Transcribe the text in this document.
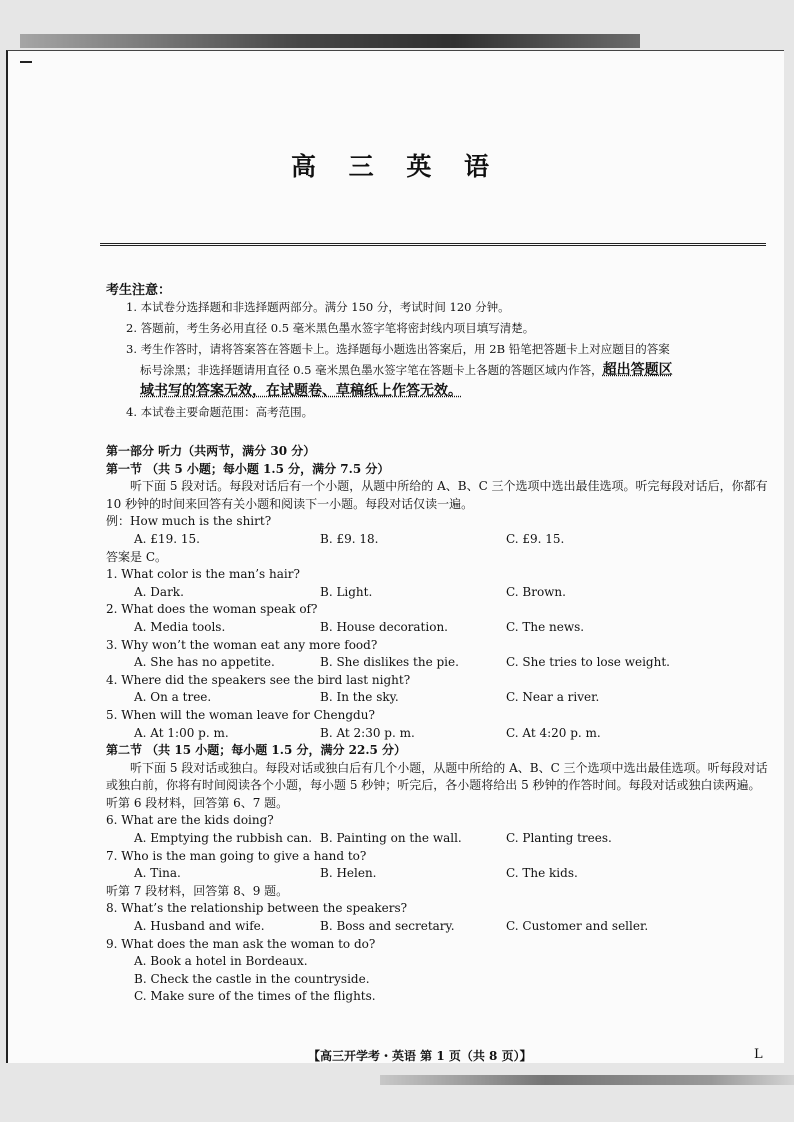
高 三 英 语
考生注意：
1. 本试卷分选择题和非选择题两部分。满分 150 分，考试时间 120 分钟。
2. 答题前，考生务必用直径 0.5 毫米黑色墨水签字笔将密封线内项目填写清楚。
3. 考生作答时，请将答案答在答题卡上。选择题每小题选出答案后，用 2B 铅笔把答题卡上对应题目的答案
标号涂黑；非选择题请用直径 0.5 毫米黑色墨水签字笔在答题卡上各题的答题区域内作答，超出答题区
域书写的答案无效，在试题卷、草稿纸上作答无效。
4. 本试卷主要命题范围：高考范围。
第一部分 听力（共两节，满分 30 分）
第一节 （共 5 小题；每小题 1.5 分，满分 7.5 分）
听下面 5 段对话。每段对话后有一个小题，从题中所给的 A、B、C 三个选项中选出最佳选项。听完每段对话后，你都有 10 秒钟的时间来回答有关小题和阅读下一小题。每段对话仅读一遍。
例：How much is the shirt?
A. £19. 15.	B. £9. 18.	C. £9. 15.
答案是 C。
1. What color is the man’s hair?
A. Dark.	B. Light.	C. Brown.
2. What does the woman speak of?
A. Media tools.	B. House decoration.	C. The news.
3. Why won’t the woman eat any more food?
A. She has no appetite.	B. She dislikes the pie.	C. She tries to lose weight.
4. Where did the speakers see the bird last night?
A. On a tree.	B. In the sky.	C. Near a river.
5. When will the woman leave for Chengdu?
A. At 1:00 p. m.	B. At 2:30 p. m.	C. At 4:20 p. m.
第二节 （共 15 小题；每小题 1.5 分，满分 22.5 分）
听下面 5 段对话或独白。每段对话或独白后有几个小题，从题中所给的 A、B、C 三个选项中选出最佳选项。听每段对话或独白前，你将有时间阅读各个小题，每小题 5 秒钟；听完后，各小题将给出 5 秒钟的作答时间。每段对话或独白读两遍。
听第 6 段材料，回答第 6、7 题。
6. What are the kids doing?
A. Emptying the rubbish can. B. Painting on the wall.	C. Planting trees.
7. Who is the man going to give a hand to?
A. Tina.	B. Helen.	C. The kids.
听第 7 段材料，回答第 8、9 题。
8. What’s the relationship between the speakers?
A. Husband and wife.	B. Boss and secretary.	C. Customer and seller.
9. What does the man ask the woman to do?
A. Book a hotel in Bordeaux.
B. Check the castle in the countryside.
C. Make sure of the times of the flights.
【高三开学考・英语 第 1 页（共 8 页）】	L
